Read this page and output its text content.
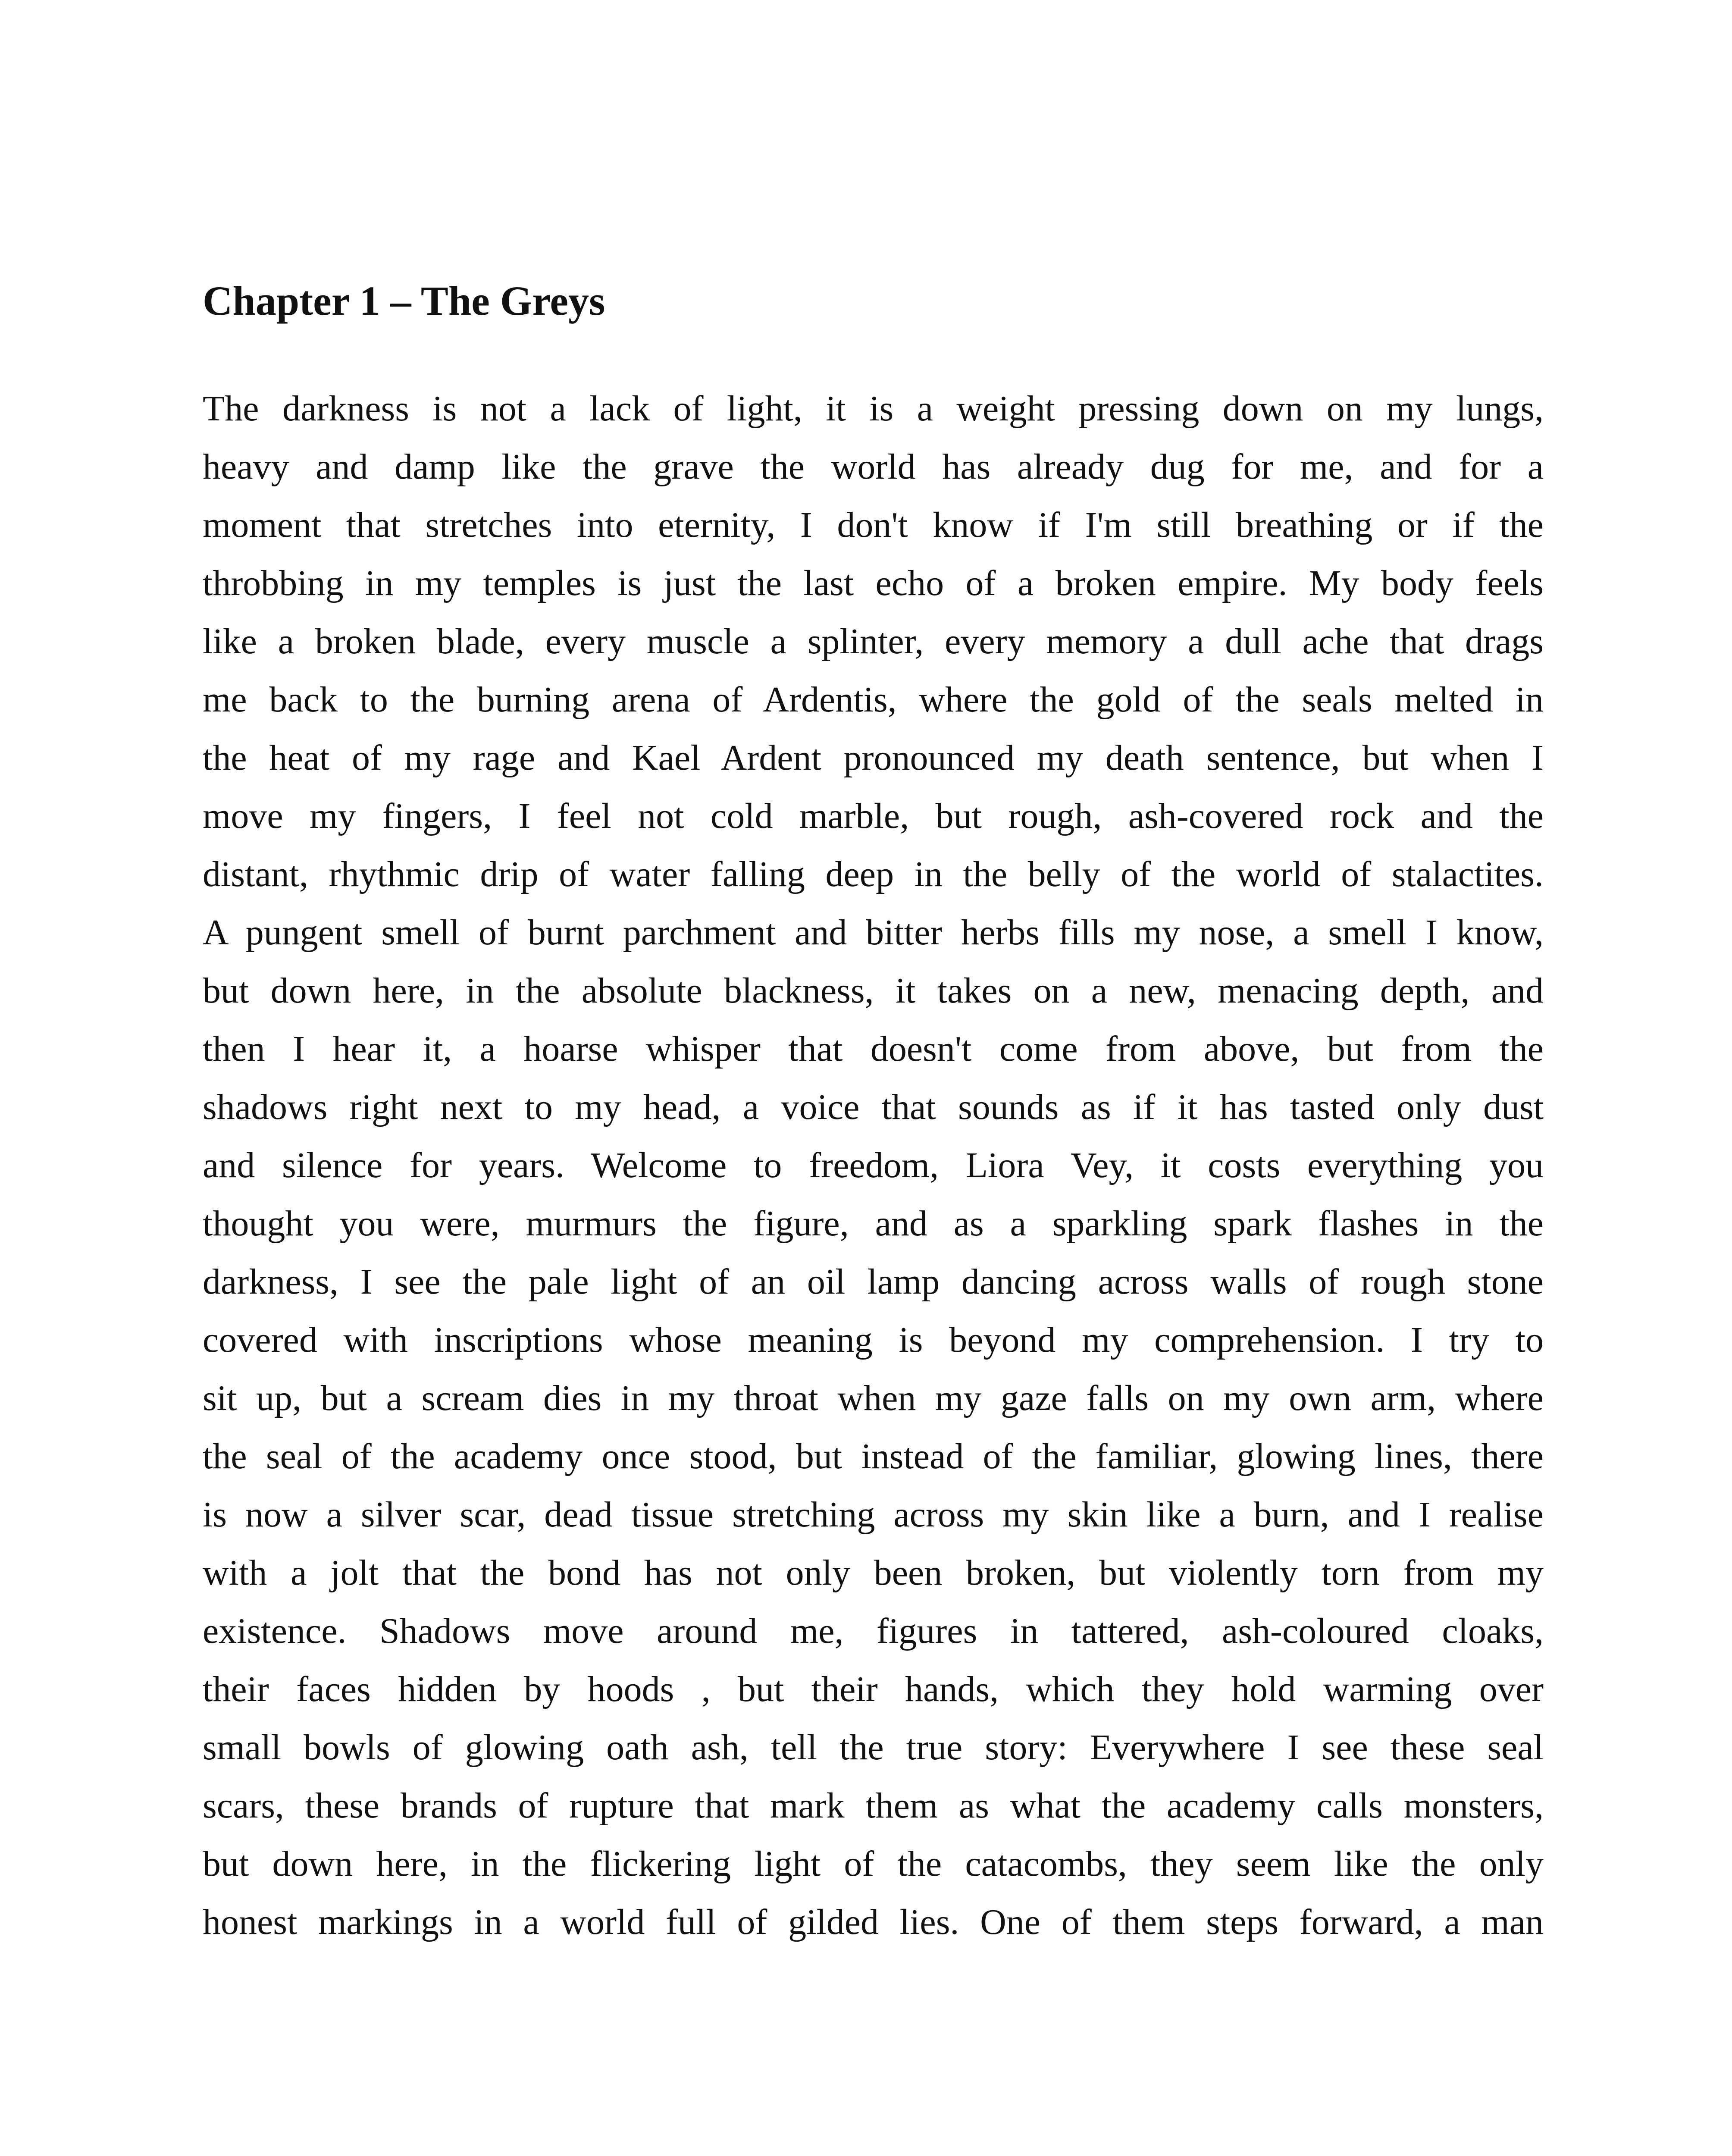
Chapter 1 – The Greys
The darkness is not a lack of light, it is a weight pressing down on my lungs,
heavy and damp like the grave the world has already dug for me, and for a
moment that stretches into eternity, I don't know if I'm still breathing or if the
throbbing in my temples is just the last echo of a broken empire. My body feels
like a broken blade, every muscle a splinter, every memory a dull ache that drags
me back to the burning arena of Ardentis, where the gold of the seals melted in
the heat of my rage and Kael Ardent pronounced my death sentence, but when I
move my fingers, I feel not cold marble, but rough, ash-covered rock and the
distant, rhythmic drip of water falling deep in the belly of the world of stalactites.
A pungent smell of burnt parchment and bitter herbs fills my nose, a smell I know,
but down here, in the absolute blackness, it takes on a new, menacing depth, and
then I hear it, a hoarse whisper that doesn't come from above, but from the
shadows right next to my head, a voice that sounds as if it has tasted only dust
and silence for years. Welcome to freedom, Liora Vey, it costs everything you
thought you were, murmurs the figure, and as a sparkling spark flashes in the
darkness, I see the pale light of an oil lamp dancing across walls of rough stone
covered with inscriptions whose meaning is beyond my comprehension. I try to
sit up, but a scream dies in my throat when my gaze falls on my own arm, where
the seal of the academy once stood, but instead of the familiar, glowing lines, there
is now a silver scar, dead tissue stretching across my skin like a burn, and I realise
with a jolt that the bond has not only been broken, but violently torn from my
existence. Shadows move around me, figures in tattered, ash-coloured cloaks,
their faces hidden by hoods , but their hands, which they hold warming over
small bowls of glowing oath ash, tell the true story: Everywhere I see these seal
scars, these brands of rupture that mark them as what the academy calls monsters,
but down here, in the flickering light of the catacombs, they seem like the only
honest markings in a world full of gilded lies. One of them steps forward, a man
